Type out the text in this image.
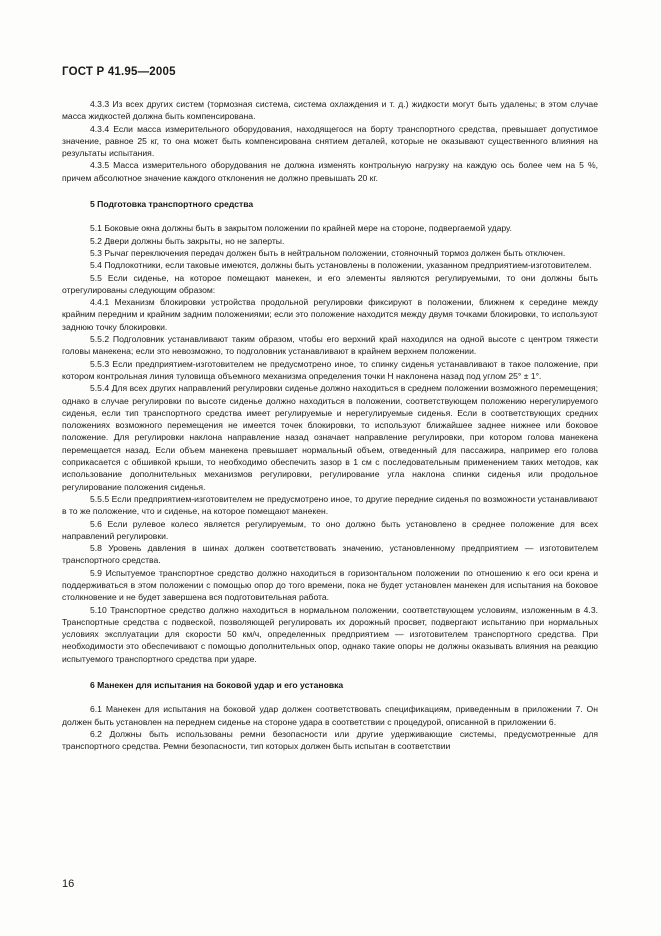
ГОСТ Р 41.95—2005

4.3.3 Из всех других систем (тормозная система, система охлаждения и т. д.) жидкости могут быть удалены; в этом случае масса жидкостей должна быть компенсирована.

4.3.4 Если масса измерительного оборудования, находящегося на борту транспортного средства, превышает допустимое значение, равное 25 кг, то она может быть компенсирована снятием деталей, которые не оказывают существенного влияния на результаты испытания.

4.3.5 Масса измерительного оборудования не должна изменять контрольную нагрузку на каждую ось более чем на 5 %, причем абсолютное значение каждого отклонения не должно превышать 20 кг.

5 Подготовка транспортного средства

5.1 Боковые окна должны быть в закрытом положении по крайней мере на стороне, подвергаемой удару.

5.2 Двери должны быть закрыты, но не заперты.

5.3 Рычаг переключения передач должен быть в нейтральном положении, стояночный тормоз должен быть отключен.

5.4 Подлокотники, если таковые имеются, должны быть установлены в положении, указанном предприятием-изготовителем.

5.5 Если сиденье, на которое помещают манекен, и его элементы являются регулируемыми, то они должны быть отрегулированы следующим образом:

4.4.1 Механизм блокировки устройства продольной регулировки фиксируют в положении, ближнем к середине между крайним передним и крайним задним положениями; если это положение находится между двумя точками блокировки, то используют заднюю точку блокировки.

5.5.2 Подголовник устанавливают таким образом, чтобы его верхний край находился на одной высоте с центром тяжести головы манекена; если это невозможно, то подголовник устанавливают в крайнем верхнем положении.

5.5.3 Если предприятием-изготовителем не предусмотрено иное, то спинку сиденья устанавливают в такое положение, при котором контрольная линия туловища объемного механизма определения точки H наклонена назад под углом 25° ± 1°.

5.5.4 Для всех других направлений регулировки сиденье должно находиться в среднем положении возможного перемещения; однако в случае регулировки по высоте сиденье должно находиться в положении, соответствующем положению нерегулируемого сиденья, если тип транспортного средства имеет регулируемые и нерегулируемые сиденья. Если в соответствующих средних положениях возможного перемещения не имеется точек блокировки, то используют ближайшее заднее нижнее или боковое положение. Для регулировки наклона направление назад означает направление регулировки, при котором голова манекена перемещается назад. Если объем манекена превышает нормальный объем, отведенный для пассажира, например его голова соприкасается с обшивкой крыши, то необходимо обеспечить зазор в 1 см с последовательным применением таких методов, как использование дополнительных механизмов регулировки, регулирование угла наклона спинки сиденья или продольное регулирование положения сиденья.

5.5.5 Если предприятием-изготовителем не предусмотрено иное, то другие передние сиденья по возможности устанавливают в то же положение, что и сиденье, на которое помещают манекен.

5.6 Если рулевое колесо является регулируемым, то оно должно быть установлено в среднее положение для всех направлений регулировки.

5.8 Уровень давления в шинах должен соответствовать значению, установленному предприятием — изготовителем транспортного средства.

5.9 Испытуемое транспортное средство должно находиться в горизонтальном положении по отношению к его оси крена и поддерживаться в этом положении с помощью опор до того времени, пока не будет установлен манекен для испытания на боковое столкновение и не будет завершена вся подготовительная работа.

5.10 Транспортное средство должно находиться в нормальном положении, соответствующем условиям, изложенным в 4.3. Транспортные средства с подвеской, позволяющей регулировать их дорожный просвет, подвергают испытанию при нормальных условиях эксплуатации для скорости 50 км/ч, определенных предприятием — изготовителем транспортного средства. При необходимости это обеспечивают с помощью дополнительных опор, однако такие опоры не должны оказывать влияния на реакцию испытуемого транспортного средства при ударе.

6 Манекен для испытания на боковой удар и его установка

6.1 Манекен для испытания на боковой удар должен соответствовать спецификациям, приведенным в приложении 7. Он должен быть установлен на переднем сиденье на стороне удара в соответствии с процедурой, описанной в приложении 6.

6.2 Должны быть использованы ремни безопасности или другие удерживающие системы, предусмотренные для транспортного средства. Ремни безопасности, тип которых должен быть испытан в соответствии

16
